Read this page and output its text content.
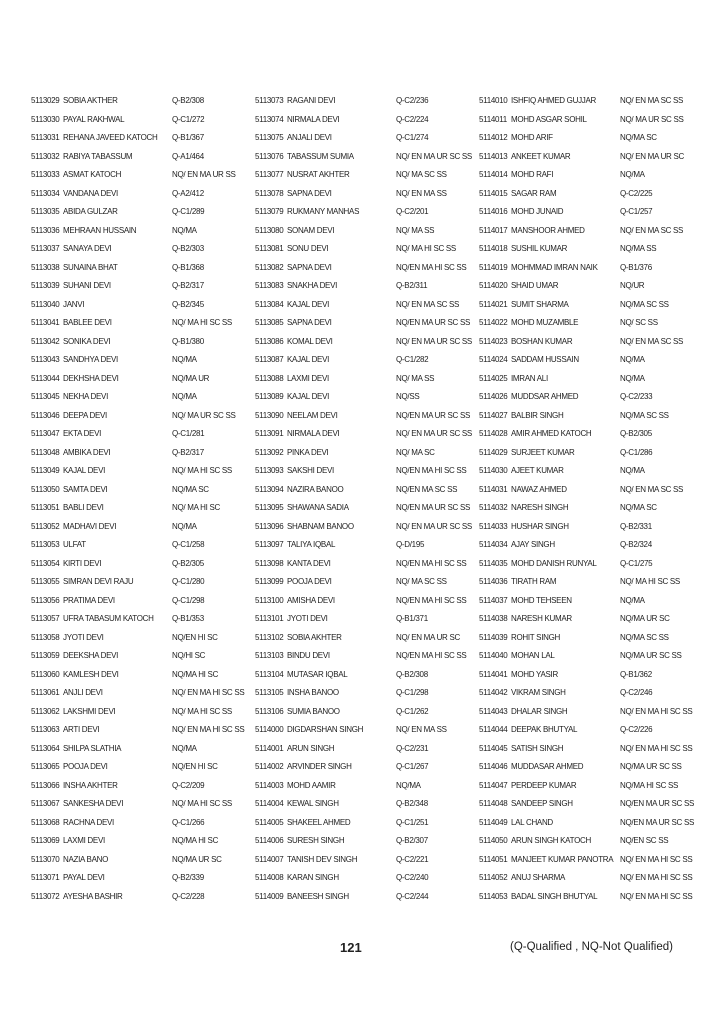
5113029 SOBIA AKTHER	Q-B2/308
5113030 PAYAL RAKHWAL	Q-C1/272
5113031 REHANA JAVEED KATOCH Q-B1/367
5113032 RABIYA TABASSUM	Q-A1/464
5113033 ASMAT KATOCH	NQ/ EN MA UR SS
5113034 VANDANA DEVI	Q-A2/412
5113035 ABIDA GULZAR	Q-C1/289
5113036 MEHRAAN HUSSAIN	NQ/MA
5113037 SANAYA DEVI	Q-B2/303
5113038 SUNAINA BHAT	Q-B1/368
5113039 SUHANI DEVI	Q-B2/317
5113040 JANVI	Q-B2/345
5113041 BABLEE DEVI	NQ/ MA HI SC SS
5113042 SONIKA DEVI	Q-B1/380
5113043 SANDHYA DEVI	NQ/MA
5113044 DEKHSHA DEVI	NQ/MA UR
5113045 NEKHA DEVI	NQ/MA
5113046 DEEPA DEVI	NQ/ MA UR SC SS
5113047 EKTA DEVI	Q-C1/281
5113048 AMBIKA DEVI	Q-B2/317
5113049 KAJAL DEVI	NQ/ MA HI SC SS
5113050 SAMTA DEVI	NQ/MA SC
5113051 BABLI DEVI	NQ/ MA HI SC
5113052 MADHAVI DEVI	NQ/MA
5113053 ULFAT	Q-C1/258
5113054 KIRTI DEVI	Q-B2/305
5113055 SIMRAN DEVI RAJU	Q-C1/280
5113056 PRATIMA DEVI	Q-C1/298
5113057 UFRA TABASUM KATOCH Q-B1/353
5113058 JYOTI DEVI	NQ/EN HI SC
5113059 DEEKSHA DEVI	NQ/HI SC
5113060 KAMLESH DEVI	NQ/MA HI SC
5113061 ANJLI DEVI	NQ/ EN MA HI SC SS
5113062 LAKSHMI DEVI	NQ/ MA HI SC SS
5113063 ARTI DEVI	NQ/ EN MA HI SC SS
5113064 SHILPA SLATHIA	NQ/MA
5113065 POOJA DEVI	NQ/EN HI SC
5113066 INSHA AKHTER	Q-C2/209
5113067 SANKESHA DEVI	NQ/ MA HI SC SS
5113068 RACHNA DEVI	Q-C1/266
5113069 LAXMI DEVI	NQ/MA HI SC
5113070 NAZIA BANO	NQ/MA UR SC
5113071 PAYAL DEVI	Q-B2/339
5113072 AYESHA BASHIR	Q-C2/228
5113073 RAGANI DEVI	Q-C2/236
5113074 NIRMALA DEVI	Q-C2/224
5113075 ANJALI DEVI	Q-C1/274
5113076 TABASSUM SUMIA	NQ/ EN MA UR SC SS
5113077 NUSRAT AKHTER	NQ/ MA SC SS
5113078 SAPNA DEVI	NQ/ EN MA SS
5113079 RUKMANY MANHAS	Q-C2/201
5113080 SONAM DEVI	NQ/ MA SS
5113081 SONU DEVI	NQ/ MA HI SC SS
5113082 SAPNA DEVI	NQ/EN MA HI SC SS
5113083 SNAKHA DEVI	Q-B2/311
5113084 KAJAL DEVI	NQ/ EN MA SC SS
5113085 SAPNA DEVI	NQ/EN MA UR SC SS
5113086 KOMAL DEVI	NQ/ EN MA UR SC SS
5113087 KAJAL DEVI	Q-C1/282
5113088 LAXMI DEVI	NQ/ MA SS
5113089 KAJAL DEVI	NQ/SS
5113090 NEELAM DEVI	NQ/EN MA UR SC SS
5113091 NIRMALA DEVI	NQ/ EN MA UR SC SS
5113092 PINKA DEVI	NQ/ MA SC
5113093 SAKSHI DEVI	NQ/EN MA HI SC SS
5113094 NAZIRA BANOO	NQ/EN MA SC SS
5113095 SHAWANA SADIA	NQ/EN MA UR SC SS
5113096 SHABNAM BANOO	NQ/ EN MA UR SC SS
5113097 TALIYA IQBAL	Q-D/195
5113098 KANTA DEVI	NQ/EN MA HI SC SS
5113099 POOJA DEVI	NQ/ MA SC SS
5113100 AMISHA DEVI	NQ/EN MA HI SC SS
5113101 JYOTI DEVI	Q-B1/371
5113102 SOBIA AKHTER	NQ/ EN MA UR SC
5113103 BINDU DEVI	NQ/EN MA HI SC SS
5113104 MUTASAR IQBAL	Q-B2/308
5113105 INSHA BANOO	Q-C1/298
5113106 SUMIA BANOO	Q-C1/262
5114000 DIGDARSHAN SINGH	NQ/ EN MA SS
5114001 ARUN SINGH	Q-C2/231
5114002 ARVINDER SINGH	Q-C1/267
5114003 MOHD AAMIR	NQ/MA
5114004 KEWAL SINGH	Q-B2/348
5114005 SHAKEEL AHMED	Q-C1/251
5114006 SURESH SINGH	Q-B2/307
5114007 TANISH DEV SINGH	Q-C2/221
5114008 KARAN SINGH	Q-C2/240
5114009 BANEESH SINGH	Q-C2/244
5114010 ISHFIQ AHMED GUJJAR	NQ/ EN MA SC SS
5114011 MOHD ASGAR SOHIL	NQ/ MA UR SC SS
5114012 MOHD ARIF	NQ/MA SC
5114013 ANKEET KUMAR	NQ/ EN MA UR SC
5114014 MOHD RAFI	NQ/MA
5114015 SAGAR RAM	Q-C2/225
5114016 MOHD JUNAID	Q-C1/257
5114017 MANSHOOR AHMED	NQ/ EN MA SC SS
5114018 SUSHIL KUMAR	NQ/MA SS
5114019 MOHMMAD IMRAN NAIK	Q-B1/376
5114020 SHAID UMAR	NQ/UR
5114021 SUMIT SHARMA	NQ/MA SC SS
5114022 MOHD MUZAMBLE	NQ/ SC SS
5114023 BOSHAN KUMAR	NQ/ EN MA SC SS
5114024 SADDAM HUSSAIN	NQ/MA
5114025 IMRAN ALI	NQ/MA
5114026 MUDDSAR AHMED	Q-C2/233
5114027 BALBIR SINGH	NQ/MA SC SS
5114028 AMIR AHMED KATOCH	Q-B2/305
5114029 SURJEET KUMAR	Q-C1/286
5114030 AJEET KUMAR	NQ/MA
5114031 NAWAZ AHMED	NQ/ EN MA SC SS
5114032 NARESH SINGH	NQ/MA SC
5114033 HUSHAR SINGH	Q-B2/331
5114034 AJAY SINGH	Q-B2/324
5114035 MOHD DANISH RUNYAL	Q-C1/275
5114036 TIRATH RAM	NQ/ MA HI SC SS
5114037 MOHD TEHSEEN	NQ/MA
5114038 NARESH KUMAR	NQ/MA UR SC
5114039 ROHIT SINGH	NQ/MA SC SS
5114040 MOHAN LAL	NQ/MA UR SC SS
5114041 MOHD YASIR	Q-B1/362
5114042 VIKRAM SINGH	Q-C2/246
5114043 DHALAR SINGH	NQ/ EN MA HI SC SS
5114044 DEEPAK BHUTYAL	Q-C2/226
5114045 SATISH SINGH	NQ/ EN MA HI SC SS
5114046 MUDDASAR AHMED	NQ/MA UR SC SS
5114047 PERDEEP KUMAR	NQ/MA HI SC SS
5114048 SANDEEP SINGH	NQ/EN MA UR SC SS
5114049 LAL CHAND	NQ/EN MA UR SC SS
5114050 ARUN SINGH KATOCH	NQ/EN SC SS
5114051 MANJEET KUMAR PANOTRA NQ/ EN MA HI SC SS
5114052 ANUJ SHARMA	NQ/ EN MA HI SC SS
5114053 BADAL SINGH BHUTYAL	NQ/ EN MA HI SC SS
121	(Q-Qualified , NQ-Not Qualified)
